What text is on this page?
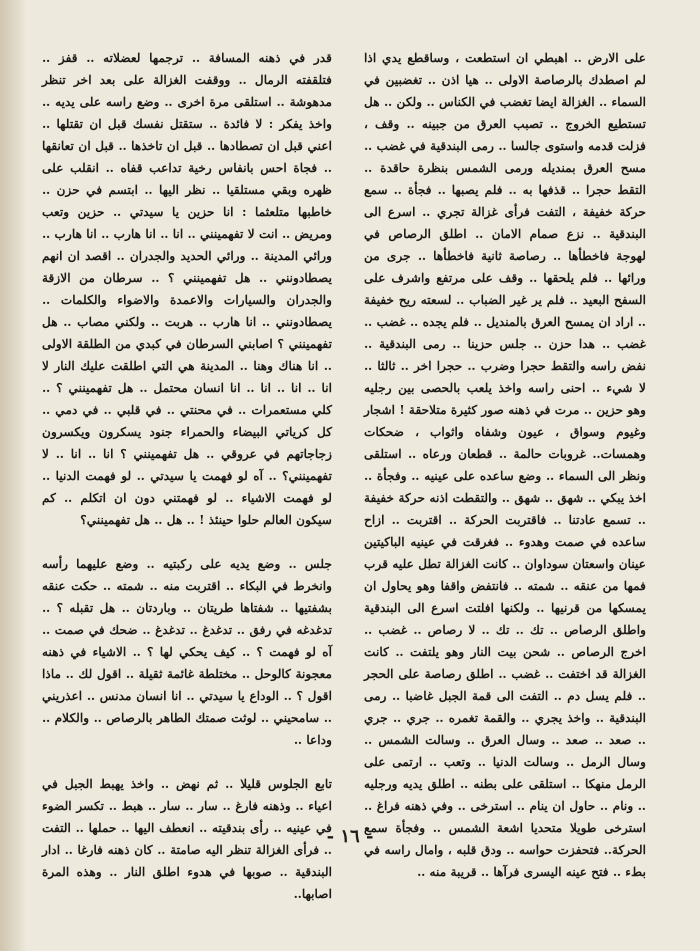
على الارض ‥ اهبطي ان استطعت ، وساقطع يدي اذا لم اصطدك بالرصاصة الاولى ‥ هيا اذن ‥ تغضبين في السماء ‥ الغزالة ايضا تغضب في الكناس ‥ ولكن ‥ هل تستطيع الخروج ‥ تصبب العرق من جبينه ‥ وقف ، فزلت قدمه واستوى جالسا ‥ رمى البندقية في غضب ‥ مسح العرق بمنديله ورمى الشمس بنظرة حاقدة ‥ التقط حجرا ‥ قذفها به ‥ فلم يصبها ‥ فجأة ‥ سمع حركة خفيفة ، التفت فرأى غزالة تجري ‥ اسرع الى البندقية ‥ نزع صمام الامان ‥ اطلق الرصاص في لهوجة فاخطأها ‥ رصاصة ثانية فاخطأها ‥ جرى من ورائها ‥ فلم يلحقها ‥ وقف على مرتفع واشرف على السفح البعيد ‥ فلم ير غير الضباب ‥ لسعته ريح خفيفة ‥ اراد ان يمسح العرق بالمنديل ‥ فلم يجده ‥ غضب ‥ غضب ‥ هدا حزن ‥ جلس حزينا ‥ رمى البندقية ‥ نفض راسه والتقط حجرا وضرب ‥ حجرا اخر ‥ ثالثا ‥ لا شيء ‥ احنى راسه واخذ يلعب بالحصى بين رجليه وهو حزين ‥ مرت في ذهنه صور كثيرة متلاحقة ! اشجار وغيوم وسواق ، عيون وشفاه واثواب ، ضحكات وهمسات‥ غروبات حالمة ‥ قطعان ورعاه ‥ استلقى ونظر الى السماء ‥ وضع ساعده على عينيه ‥ وفجأة ‥ اخذ يبكي ‥ شهق ‥ شهق ‥ والتقطت اذنه حركة خفيفة ‥ تسمع عادتنا ‥ فاقتربت الحركة ‥ اقتربت ‥ ازاح ساعده في صمت وهدوء ‥ فغرقت في عينيه الباكيتين عينان واسعتان سوداوان ‥ كانت الغزالة تطل عليه قرب فمها من عنقه ‥ شمته ‥ فانتفض واقفا وهو يحاول ان يمسكها من قرنيها ‥ ولكنها افلتت اسرع الى البندقية واطلق الرصاص ‥ تك ‥ تك ‥ لا رصاص ‥ غضب ‥ اخرج الرصاص ‥ شحن بيت النار وهو يلتفت ‥ كانت الغزالة قد اختفت ‥ غضب ‥ اطلق رصاصة على الحجر ‥ فلم يسل دم ‥ التفت الى قمة الجبل غاضبا ‥ رمى البندقية ‥ واخذ يجري ‥ والقمة تغمره ‥ جري ‥ جري ‥ صعد ‥ صعد ‥ وسال العرق ‥ وسالت الشمس ‥ وسال الرمل ‥ وسالت الدنيا ‥ وتعب ‥ ارتمى على الرمل منهكا ‥ استلقى على بطنه ‥ اطلق يديه ورجليه ‥ ونام ‥ حاول ان ينام ‥ استرخى ‥ وفي ذهنه فراغ ‥ استرخى طويلا متحديا اشعة الشمس ‥ وفجأة سمع الحركة‥ فتحفزت حواسه ‥ ودق قلبه ، وامال راسه في بطء ‥ فتح عينه اليسرى فرآها ‥ قريبة منه ‥

قدر في ذهنه المسافة ‥ ترجمها لعضلاته ‥ قفز ‥ فتلقفته الرمال ‥ ووقفت الغزالة على بعد اخر تنظر مدهوشة ‥ استلقى مرة اخرى ‥ وضع راسه على يديه ‥ واخذ يفكر : لا فائدة ‥ ستقتل نفسك قبل ان تقتلها ‥ اعني قبل ان تصطادها ‥ قبل ان تاخذها ‥ قبل ان تعانقها ‥ فجاة احس بانفاس رخية تداعب قفاه ‥ انقلب على ظهره وبقي مستلقيا ‥ نظر اليها ‥ ابتسم في حزن ‥ خاطبها متلعثما : انا حزين يا سيدتي ‥ حزين وتعب ومريض ‥ انت لا تفهمينني ‥ انا ‥ انا هارب ‥ انا هارب ‥ ورائي المدينة ‥ ورائي الحديد والجدران ‥ اقصد ان انهم يصطادونني ‥ هل تفهمينني ؟ ‥ سرطان من الازقة والجدران والسيارات والاعمدة والاضواء والكلمات ‥ يصطادونني ‥ انا هارب ‥ هربت ‥ ولكني مصاب ‥ هل تفهمينني ؟ اصابني السرطان في كبدي من الطلقة الاولى ‥ انا هناك وهنا ‥ المدينة هي التي اطلقت عليك النار لا انا ‥ انا ‥ انا ‥ انا انسان محتمل ‥ هل تفهمينني ؟ ‥ كلي مستعمرات ‥ في محنتي ‥ في قلبي ‥ في دمي ‥ كل كرياتي البيضاء والحمراء جنود يسكرون ويكسرون زجاجاتهم في عروقي ‥ هل تفهمينني ؟ انا ‥ انا ‥ لا تفهمينني؟ ‥ آه لو فهمت يا سيدتي ‥ لو فهمت الدنيا ‥ لو فهمت الاشياء ‥ لو فهمتني دون ان اتكلم ‥ كم سيكون العالم حلوا حينئذ ! ‥ هل ‥ هل تفهمينني؟

جلس ‥ وضع يديه على ركبتيه ‥ وضع عليهما رأسه وانخرط في البكاء ‥ اقتربت منه ‥ شمته ‥ حكت عنقه بشفتيها ‥ شفتاها طريتان ‥ وباردتان ‥ هل تقبله ؟ ‥ تدغدغه في رفق ‥ تدغدغ ‥ تدغدغ ‥ ضحك في صمت ‥ آه لو فهمت ؟ ‥ كيف يحكي لها ؟ ‥ الاشياء في ذهنه معجونة كالوحل ‥ مختلطة غائمة ثقيلة ‥ اقول لك ‥ ماذا اقول ؟ ‥ الوداع يا سيدتي ‥ انا انسان مدنس ‥ اعذريني ‥ سامحيني ‥ لوثت صمتك الطاهر بالرصاص ‥ والكلام ‥ وداعا ‥

تابع الجلوس قليلا ‥ ثم نهض ‥ واخذ يهبط الجبل في اعياء ‥ وذهنه فارغ ‥ سار ‥ سار ‥ هبط ‥ تكسر الضوء في عينيه ‥ رأى بندقيته ‥ انعطف اليها ‥ حملها ‥ التفت ‥ فرأى الغزالة تنظر اليه صامتة ‥ كان ذهنه فارغا ‥ ادار البندقية ‥ صوبها في هدوء اطلق النار ‥ وهذه المرة اصابها‥

- ١٦ -
